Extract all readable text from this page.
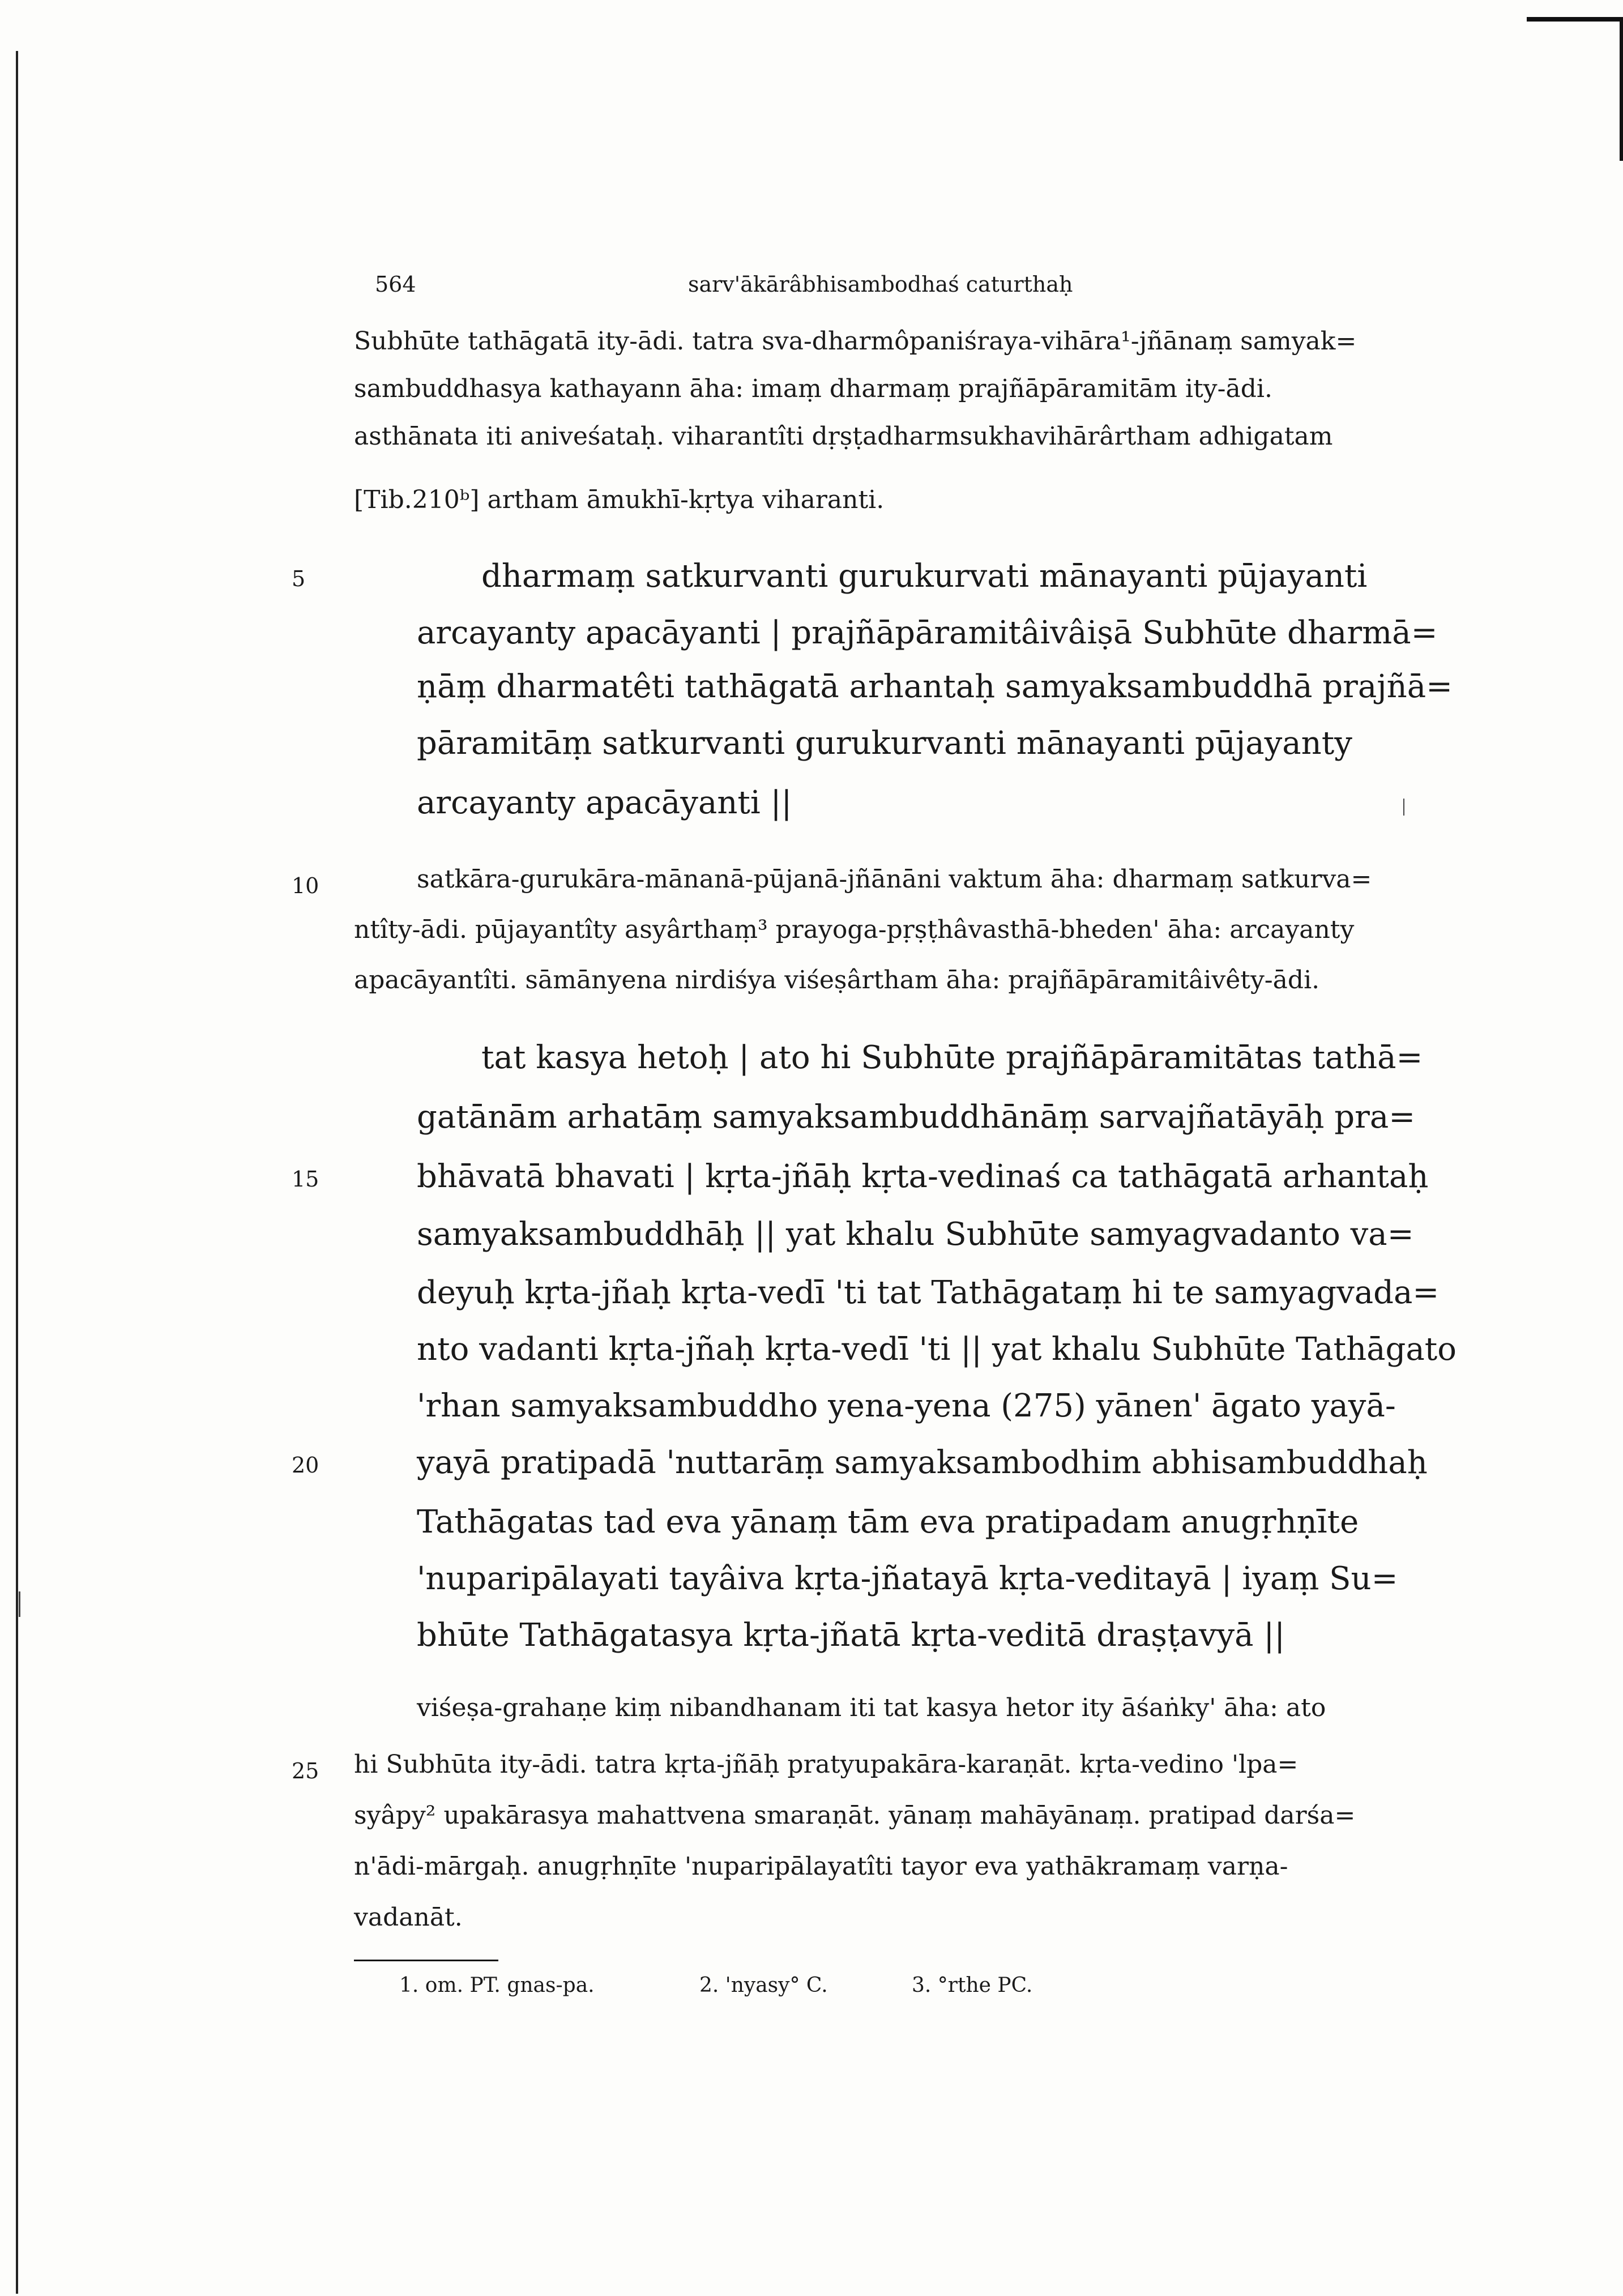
564	sarv'ākārâbhisambodhaś caturthaḥ
Subhūte tathāgatā ity-ādi. tatra sva-dharmôpaniśraya-vihāra¹-jñānaṃ samyak=
sambuddhasya kathayann āha: imaṃ dharmaṃ prajñāpāramitām ity-ādi.
asthānata iti aniveśataḥ. viharantîti dṛṣṭadharmsukhavihārârtham adhigatam
[Tib.210ᵇ] artham āmukhī-kṛtya viharanti.
5	dharmaṃ satkurvanti gurukurvati mānayanti pūjayanti
arcayanty apacāyanti | prajñāpāramitâivâiṣā Subhūte dharmā=
ṇāṃ dharmatêti tathāgatā arhantaḥ samyaksambuddhā prajñā=
pāramitāṃ satkurvanti gurukurvanti mānayanti pūjayanty
arcayanty apacāyanti ||
10	satkāra-gurukāra-mānanā-pūjanā-jñānāni vaktum āha: dharmaṃ satkurva=
ntîty-ādi. pūjayantîty asyârthaṃ³ prayoga-pṛṣṭhâvasthā-bheden' āha: arcayanty
apacāyantîti. sāmānyena nirdiśya viśeṣârtham āha: prajñāpāramitâivêty-ādi.
tat kasya hetoḥ | ato hi Subhūte prajñāpāramitātas tathā=
gatānām arhatāṃ samyaksambuddhānāṃ sarvajñatāyāḥ pra=
15	bhāvatā bhavati | kṛta-jñāḥ kṛta-vedinaś ca tathāgatā arhantaḥ
samyaksambuddhāḥ || yat khalu Subhūte samyagvadanto va=
deyuḥ kṛta-jñaḥ kṛta-vedī 'ti tat Tathāgataṃ hi te samyagvada=
nto vadanti kṛta-jñaḥ kṛta-vedī 'ti || yat khalu Subhūte Tathāgato
'rhan samyaksambuddho yena-yena (275) yānen' āgato yayā-
20	yayā pratipadā 'nuttarāṃ samyaksambodhim abhisambuddhaḥ
Tathāgatas tad eva yānaṃ tām eva pratipadam anugṛhṇīte
'nuparipālayati tayâiva kṛta-jñatayā kṛta-veditayā | iyaṃ Su=
bhūte Tathāgatasya kṛta-jñatā kṛta-veditā draṣṭavyā ||
viśeṣa-grahaṇe kiṃ nibandhanam iti tat kasya hetor ity āśaṅky' āha: ato
25	hi Subhūta ity-ādi. tatra kṛta-jñāḥ pratyupakāra-karaṇāt. kṛta-vedino 'lpa=
syâpy² upakārasya mahattvena smaraṇāt. yānaṃ mahāyānaṃ. pratipad darśa=
n'ādi-mārgaḥ. anugṛhṇīte 'nuparipālayatîti tayor eva yathākramaṃ varṇa-
vadanāt.
1. om. PT. gnas-pa.	2. 'nyasy° C.	3. °rthe PC.
